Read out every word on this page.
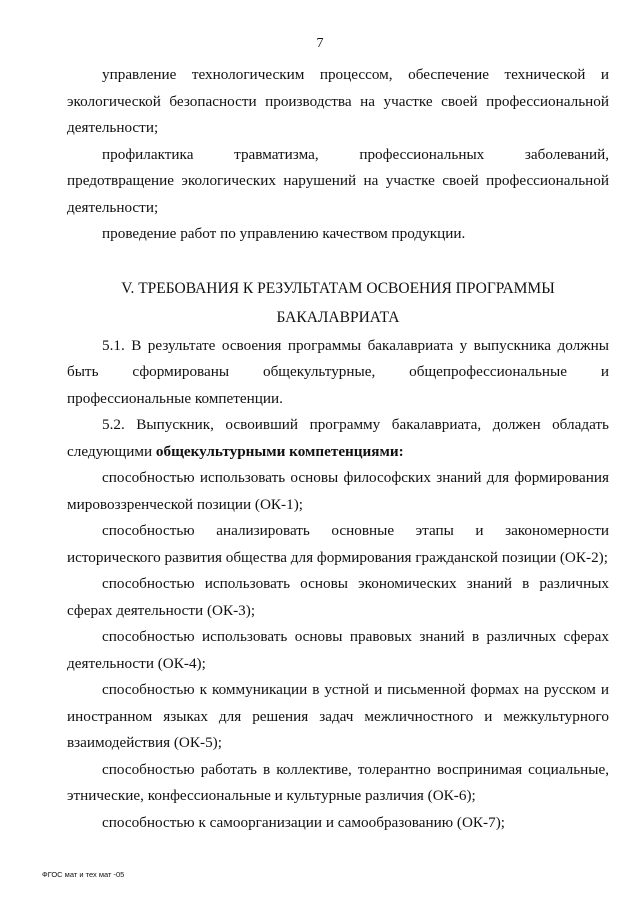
7

управление технологическим процессом, обеспечение технической и экологической безопасности производства на участке своей профессиональной деятельности;

профилактика травматизма, профессиональных заболеваний, предотвращение экологических нарушений на участке своей профессиональной деятельности;

проведение работ по управлению качеством продукции.

V. ТРЕБОВАНИЯ К РЕЗУЛЬТАТАМ ОСВОЕНИЯ ПРОГРАММЫ БАКАЛАВРИАТА

5.1. В результате освоения программы бакалавриата у выпускника должны быть сформированы общекультурные, общепрофессиональные и профессиональные компетенции.

5.2. Выпускник, освоивший программу бакалавриата, должен обладать следующими общекультурными компетенциями:

способностью использовать основы философских знаний для формирования мировоззренческой позиции (ОК-1);

способностью анализировать основные этапы и закономерности исторического развития общества для формирования гражданской позиции (ОК-2);

способностью использовать основы экономических знаний в различных сферах деятельности (ОК-3);

способностью использовать основы правовых знаний в различных сферах деятельности (ОК-4);

способностью к коммуникации в устной и письменной формах на русском и иностранном языках для решения задач межличностного и межкультурного взаимодействия (ОК-5);

способностью работать в коллективе, толерантно воспринимая социальные, этнические, конфессиональные и культурные различия (ОК-6);

способностью к самоорганизации и самообразованию (ОК-7);

ФГОС мат и тех мат -05
